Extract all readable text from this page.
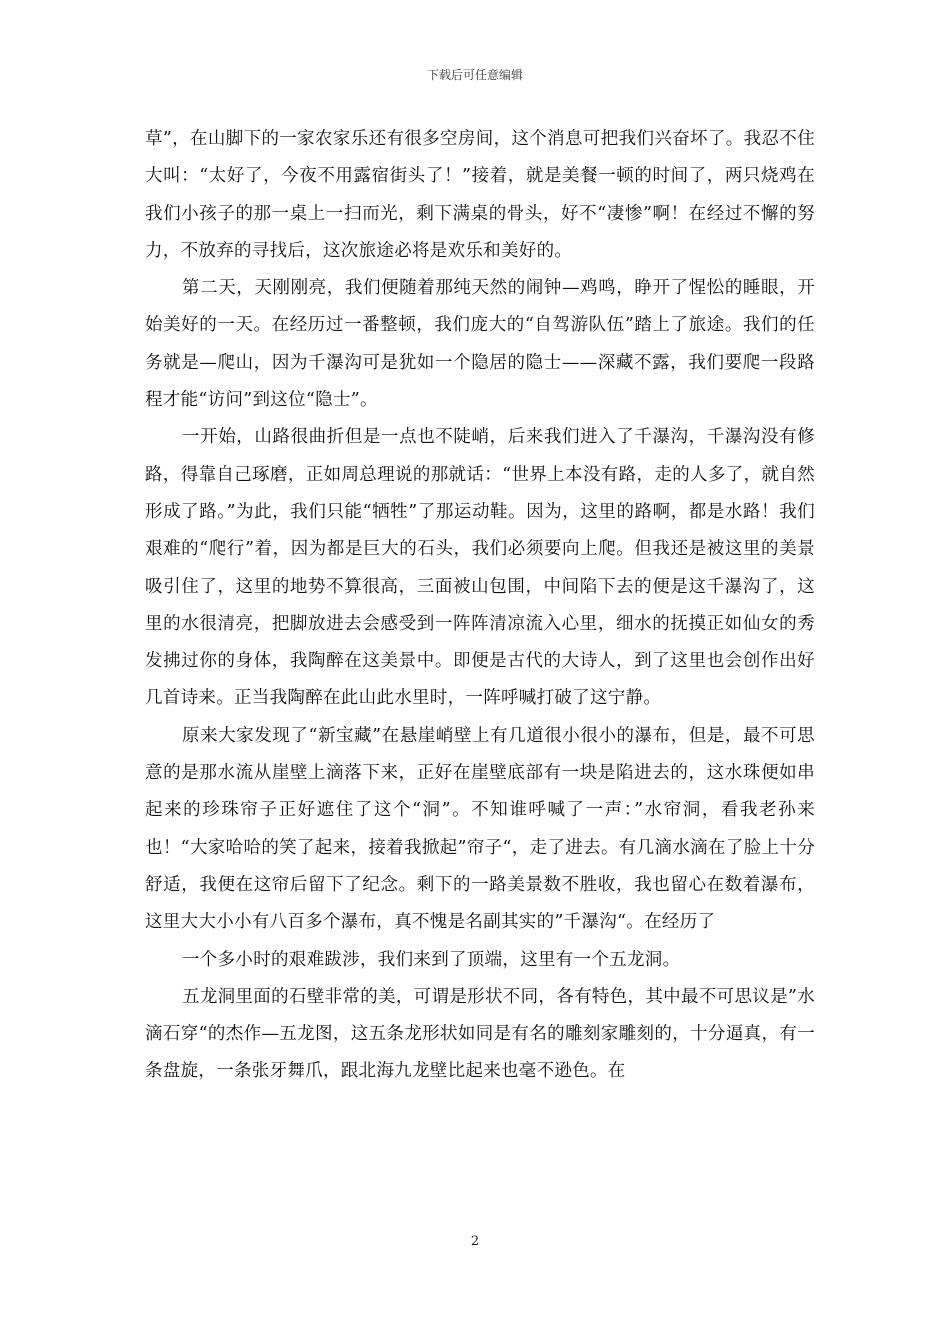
下载后可任意编辑

草”，在山脚下的一家农家乐还有很多空房间，这个消息可把我们兴奋坏了。我忍不住大叫：“太好了，今夜不用露宿街头了！”接着，就是美餐一顿的时间了，两只烧鸡在我们小孩子的那一桌上一扫而光，剩下满桌的骨头，好不“凄惨”啊！在经过不懈的努力，不放弃的寻找后，这次旅途必将是欢乐和美好的。

第二天，天刚刚亮，我们便随着那纯天然的闹钟—鸡鸣，睁开了惺忪的睡眼，开始美好的一天。在经历过一番整顿，我们庞大的“自驾游队伍”踏上了旅途。我们的任务就是—爬山，因为千瀑沟可是犹如一个隐居的隐士——深藏不露，我们要爬一段路程才能“访问”到这位“隐士”。

一开始，山路很曲折但是一点也不陡峭，后来我们进入了千瀑沟，千瀑沟没有修路，得靠自己琢磨，正如周总理说的那就话：“世界上本没有路，走的人多了，就自然形成了路。”为此，我们只能“牺牲”了那运动鞋。因为，这里的路啊，都是水路！我们艰难的“爬行”着，因为都是巨大的石头，我们必须要向上爬。但我还是被这里的美景吸引住了，这里的地势不算很高，三面被山包围，中间陷下去的便是这千瀑沟了，这里的水很清亮，把脚放进去会感受到一阵阵清凉流入心里，细水的抚摸正如仙女的秀发拂过你的身体，我陶醉在这美景中。即便是古代的大诗人，到了这里也会创作出好几首诗来。正当我陶醉在此山此水里时，一阵呼喊打破了这宁静。

原来大家发现了“新宝藏”在悬崖峭壁上有几道很小很小的瀑布，但是，最不可思意的是那水流从崖壁上滴落下来，正好在崖壁底部有一块是陷进去的，这水珠便如串起来的珍珠帘子正好遮住了这个“洞”。不知谁呼喊了一声：”水帘洞，看我老孙来也！“大家哈哈的笑了起来，接着我掀起”帘子“，走了进去。有几滴水滴在了脸上十分舒适，我便在这帘后留下了纪念。剩下的一路美景数不胜收，我也留心在数着瀑布，这里大大小小有八百多个瀑布，真不愧是名副其实的”千瀑沟“。在经历了

一个多小时的艰难跋涉，我们来到了顶端，这里有一个五龙洞。

五龙洞里面的石壁非常的美，可谓是形状不同，各有特色，其中最不可思议是”水滴石穿“的杰作—五龙图，这五条龙形状如同是有名的雕刻家雕刻的，十分逼真，有一条盘旋，一条张牙舞爪，跟北海九龙壁比起来也毫不逊色。在

2
